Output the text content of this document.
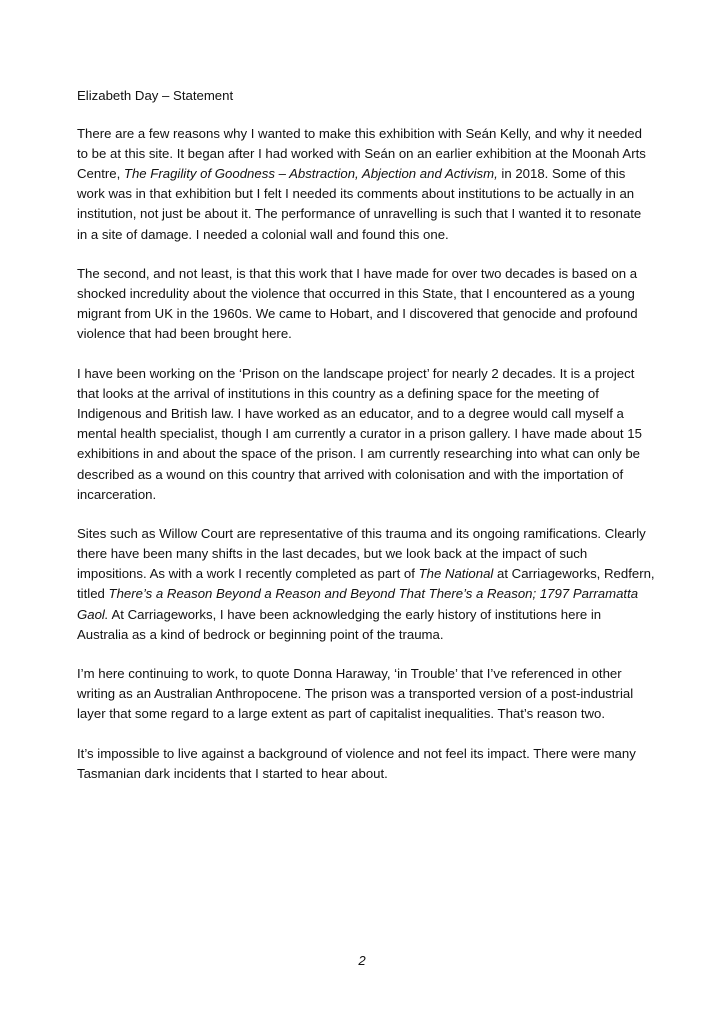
Elizabeth Day – Statement

There are a few reasons why I wanted to make this exhibition with Seán Kelly, and why it needed to be at this site. It began after I had worked with Seán on an earlier exhibition at the Moonah Arts Centre, The Fragility of Goodness – Abstraction, Abjection and Activism, in 2018. Some of this work was in that exhibition but I felt I needed its comments about institutions to be actually in an institution, not just be about it. The performance of unravelling is such that I wanted it to resonate in a site of damage. I needed a colonial wall and found this one.

The second, and not least, is that this work that I have made for over two decades is based on a shocked incredulity about the violence that occurred in this State, that I encountered as a young migrant from UK in the 1960s. We came to Hobart, and I discovered that genocide and profound violence that had been brought here.

I have been working on the ‘Prison on the landscape project’ for nearly 2 decades. It is a project that looks at the arrival of institutions in this country as a defining space for the meeting of Indigenous and British law. I have worked as an educator, and to a degree would call myself a mental health specialist, though I am currently a curator in a prison gallery. I have made about 15 exhibitions in and about the space of the prison. I am currently researching into what can only be described as a wound on this country that arrived with colonisation and with the importation of incarceration.

Sites such as Willow Court are representative of this trauma and its ongoing ramifications. Clearly there have been many shifts in the last decades, but we look back at the impact of such impositions. As with a work I recently completed as part of The National at Carriageworks, Redfern, titled There’s a Reason Beyond a Reason and Beyond That There’s a Reason; 1797 Parramatta Gaol. At Carriageworks, I have been acknowledging the early history of institutions here in Australia as a kind of bedrock or beginning point of the trauma.

I’m here continuing to work, to quote Donna Haraway, ‘in Trouble’ that I’ve referenced in other writing as an Australian Anthropocene. The prison was a transported version of a post-industrial layer that some regard to a large extent as part of capitalist inequalities. That’s reason two.

It’s impossible to live against a background of violence and not feel its impact. There were many Tasmanian dark incidents that I started to hear about.

2
